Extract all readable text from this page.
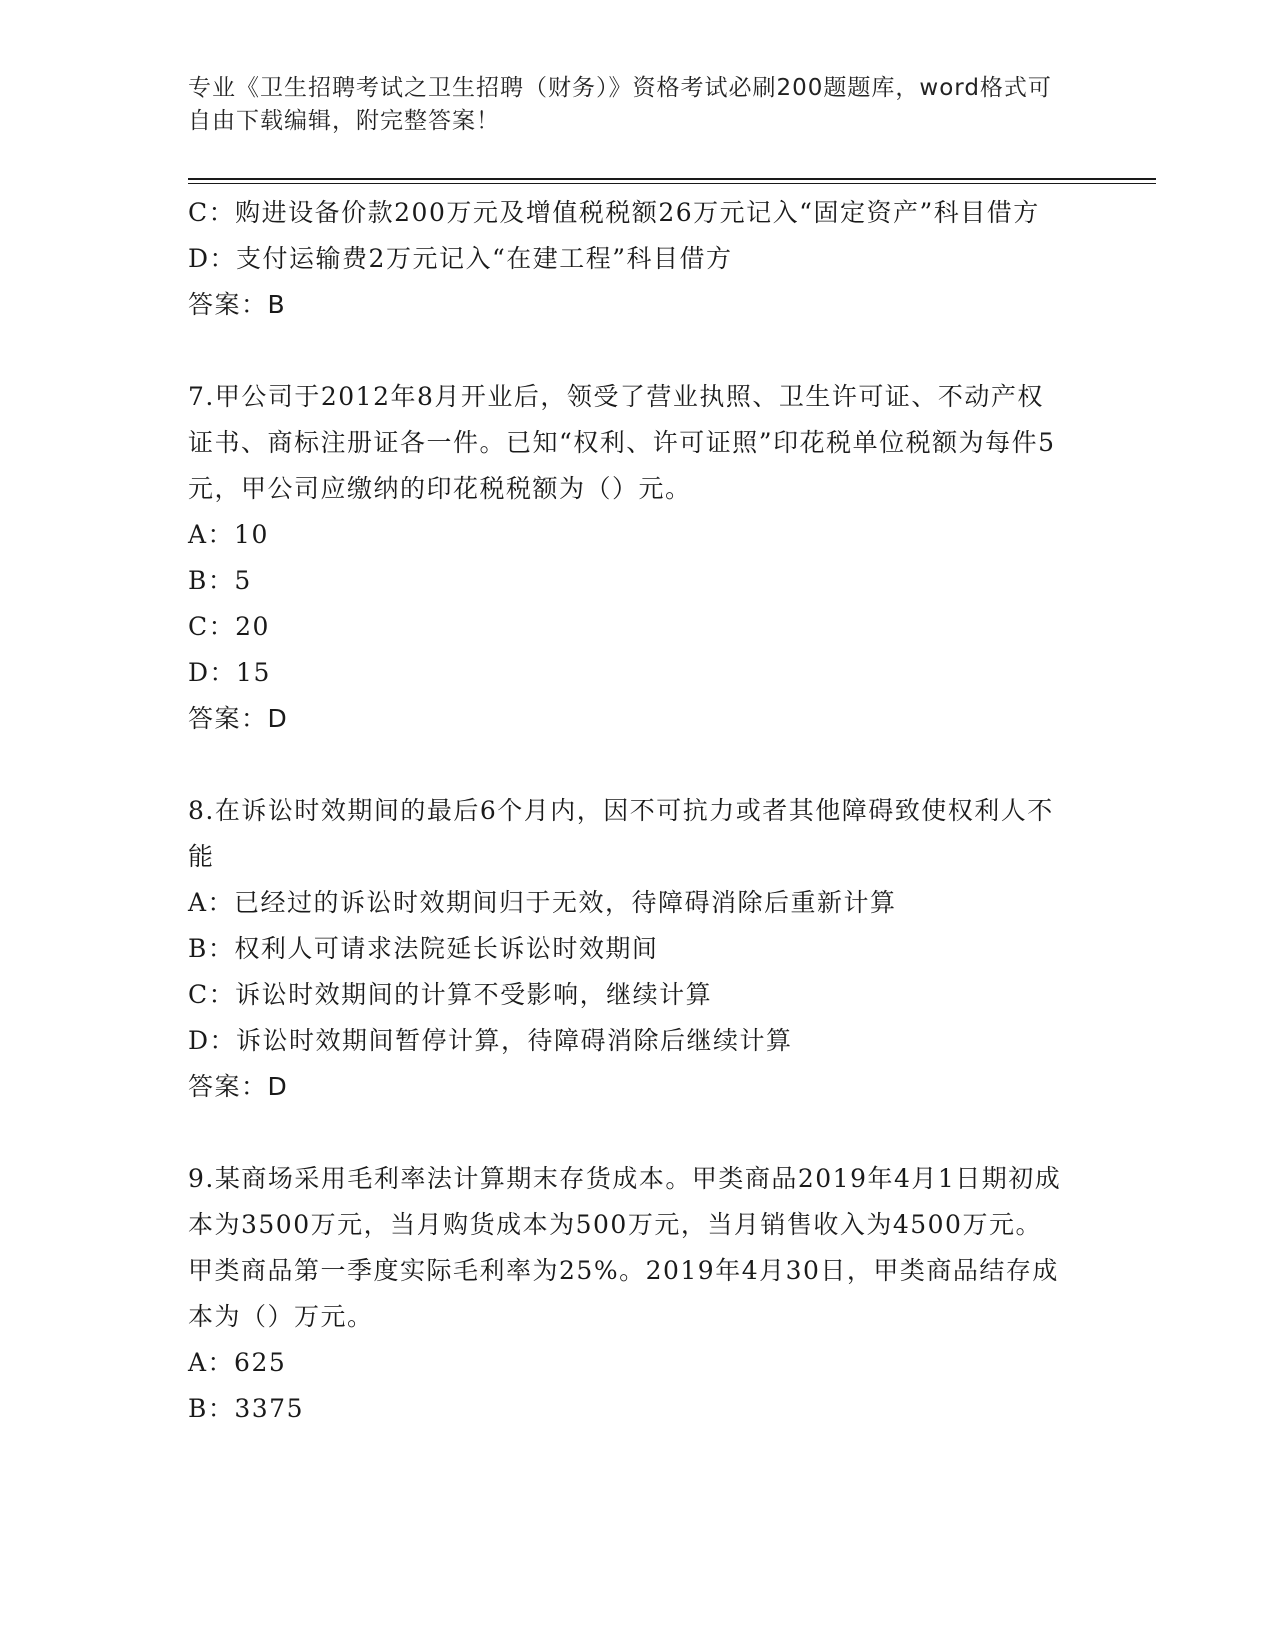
专业《卫生招聘考试之卫生招聘（财务）》资格考试必刷200题题库，word格式可自由下载编辑，附完整答案！
C：购进设备价款200万元及增值税税额26万元记入“固定资产”科目借方
D：支付运输费2万元记入“在建工程”科目借方
答案：B
7.甲公司于2012年8月开业后，领受了营业执照、卫生许可证、不动产权证书、商标注册证各一件。已知“权利、许可证照”印花税单位税额为每件5元，甲公司应缴纳的印花税税额为（）元。
A：10
B：5
C：20
D：15
答案：D
8.在诉讼时效期间的最后6个月内，因不可抗力或者其他障碍致使权利人不能
A：已经过的诉讼时效期间归于无效，待障碍消除后重新计算
B：权利人可请求法院延长诉讼时效期间
C：诉讼时效期间的计算不受影响，继续计算
D：诉讼时效期间暂停计算，待障碍消除后继续计算
答案：D
9.某商场采用毛利率法计算期末存货成本。甲类商品2019年4月1日期初成本为3500万元，当月购货成本为500万元，当月销售收入为4500万元。甲类商品第一季度实际毛利率为25%。2019年4月30日，甲类商品结存成本为（）万元。
A：625
B：3375
